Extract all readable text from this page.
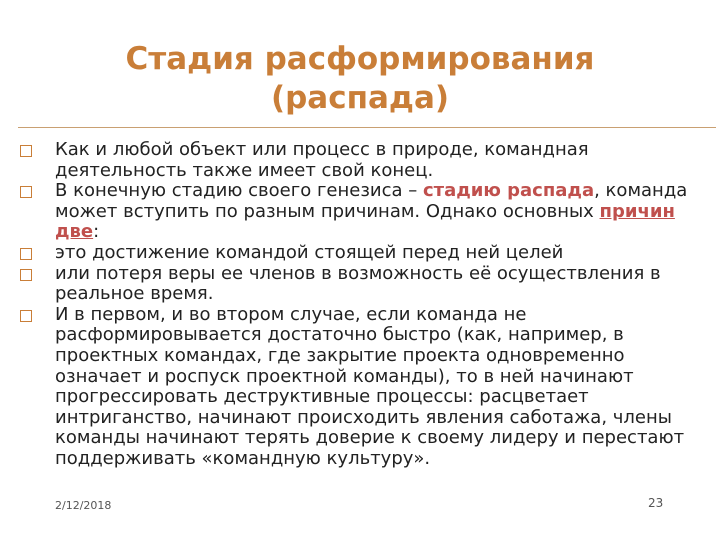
Стадия расформирования
(распада)
Как и любой объект или процесс в природе, командная деятельность также имеет свой конец.
В конечную стадию своего генезиса – стадию распада, команда может вступить по разным причинам. Однако основных причин две:
это достижение командой стоящей перед ней целей
или потеря веры ее членов в возможность её осуществления в реальное время.
И в первом, и во втором случае, если команда не расформировывается достаточно быстро (как, например, в проектных командах, где закрытие проекта одновременно означает и роспуск проектной команды), то в ней начинают прогрессировать деструктивные процессы: расцветает интриганство, начинают происходить явления саботажа, члены команды начинают терять доверие к своему лидеру и перестают поддерживать «командную культуру».
2/12/2018	23
